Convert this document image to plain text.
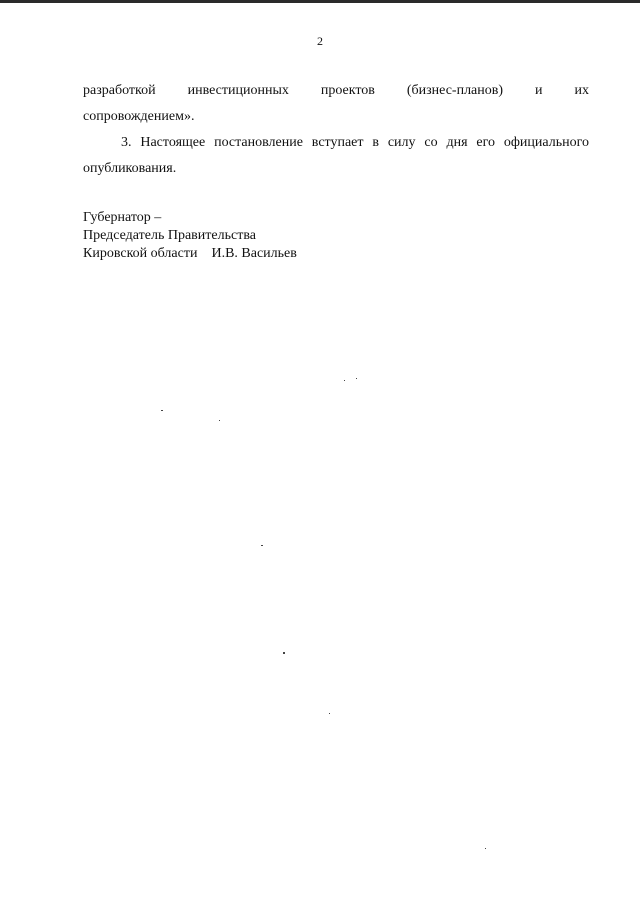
2
разработкой инвестиционных проектов (бизнес-планов) и их
сопровождением».

3. Настоящее постановление вступает в силу со дня его официального опубликования.

Губернатор –
Председатель Правительства
Кировской области И.В. Васильев
